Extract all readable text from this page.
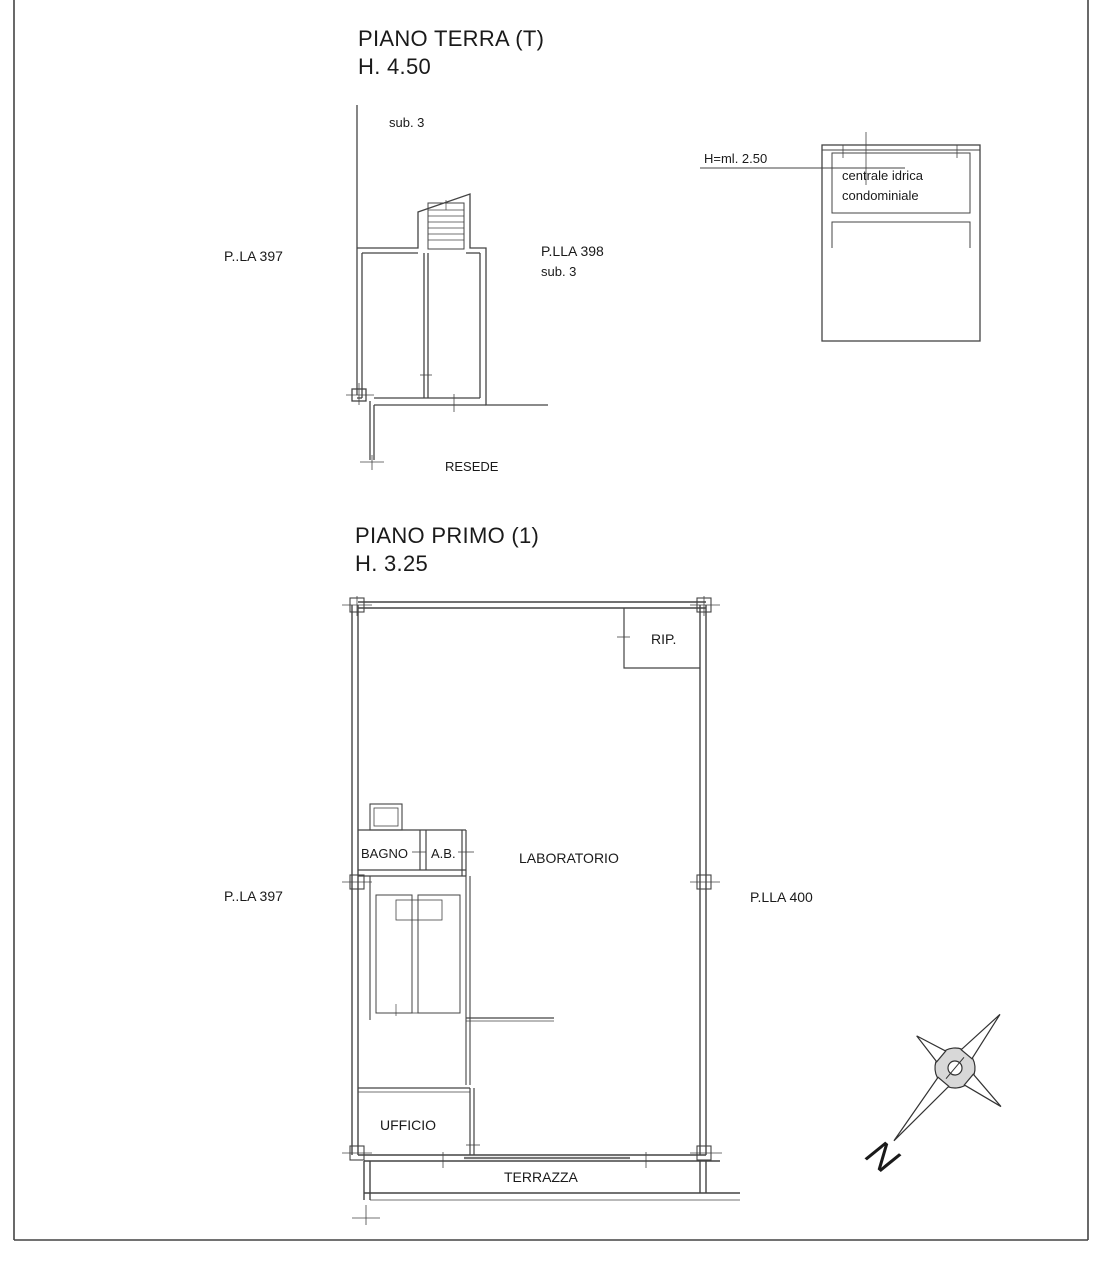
PIANO TERRA (T)
H. 4.50
sub. 3
P..LA 397	P.LLA 398
sub. 3
RESEDE
H=ml. 2.50
centrale idrica
condominiale
PIANO PRIMO (1)
H. 3.25
P..LA 397	P.LLA 400
RIP.
BAGNO A.B.	LABORATORIO
UFFICIO
TERRAZZA	N
